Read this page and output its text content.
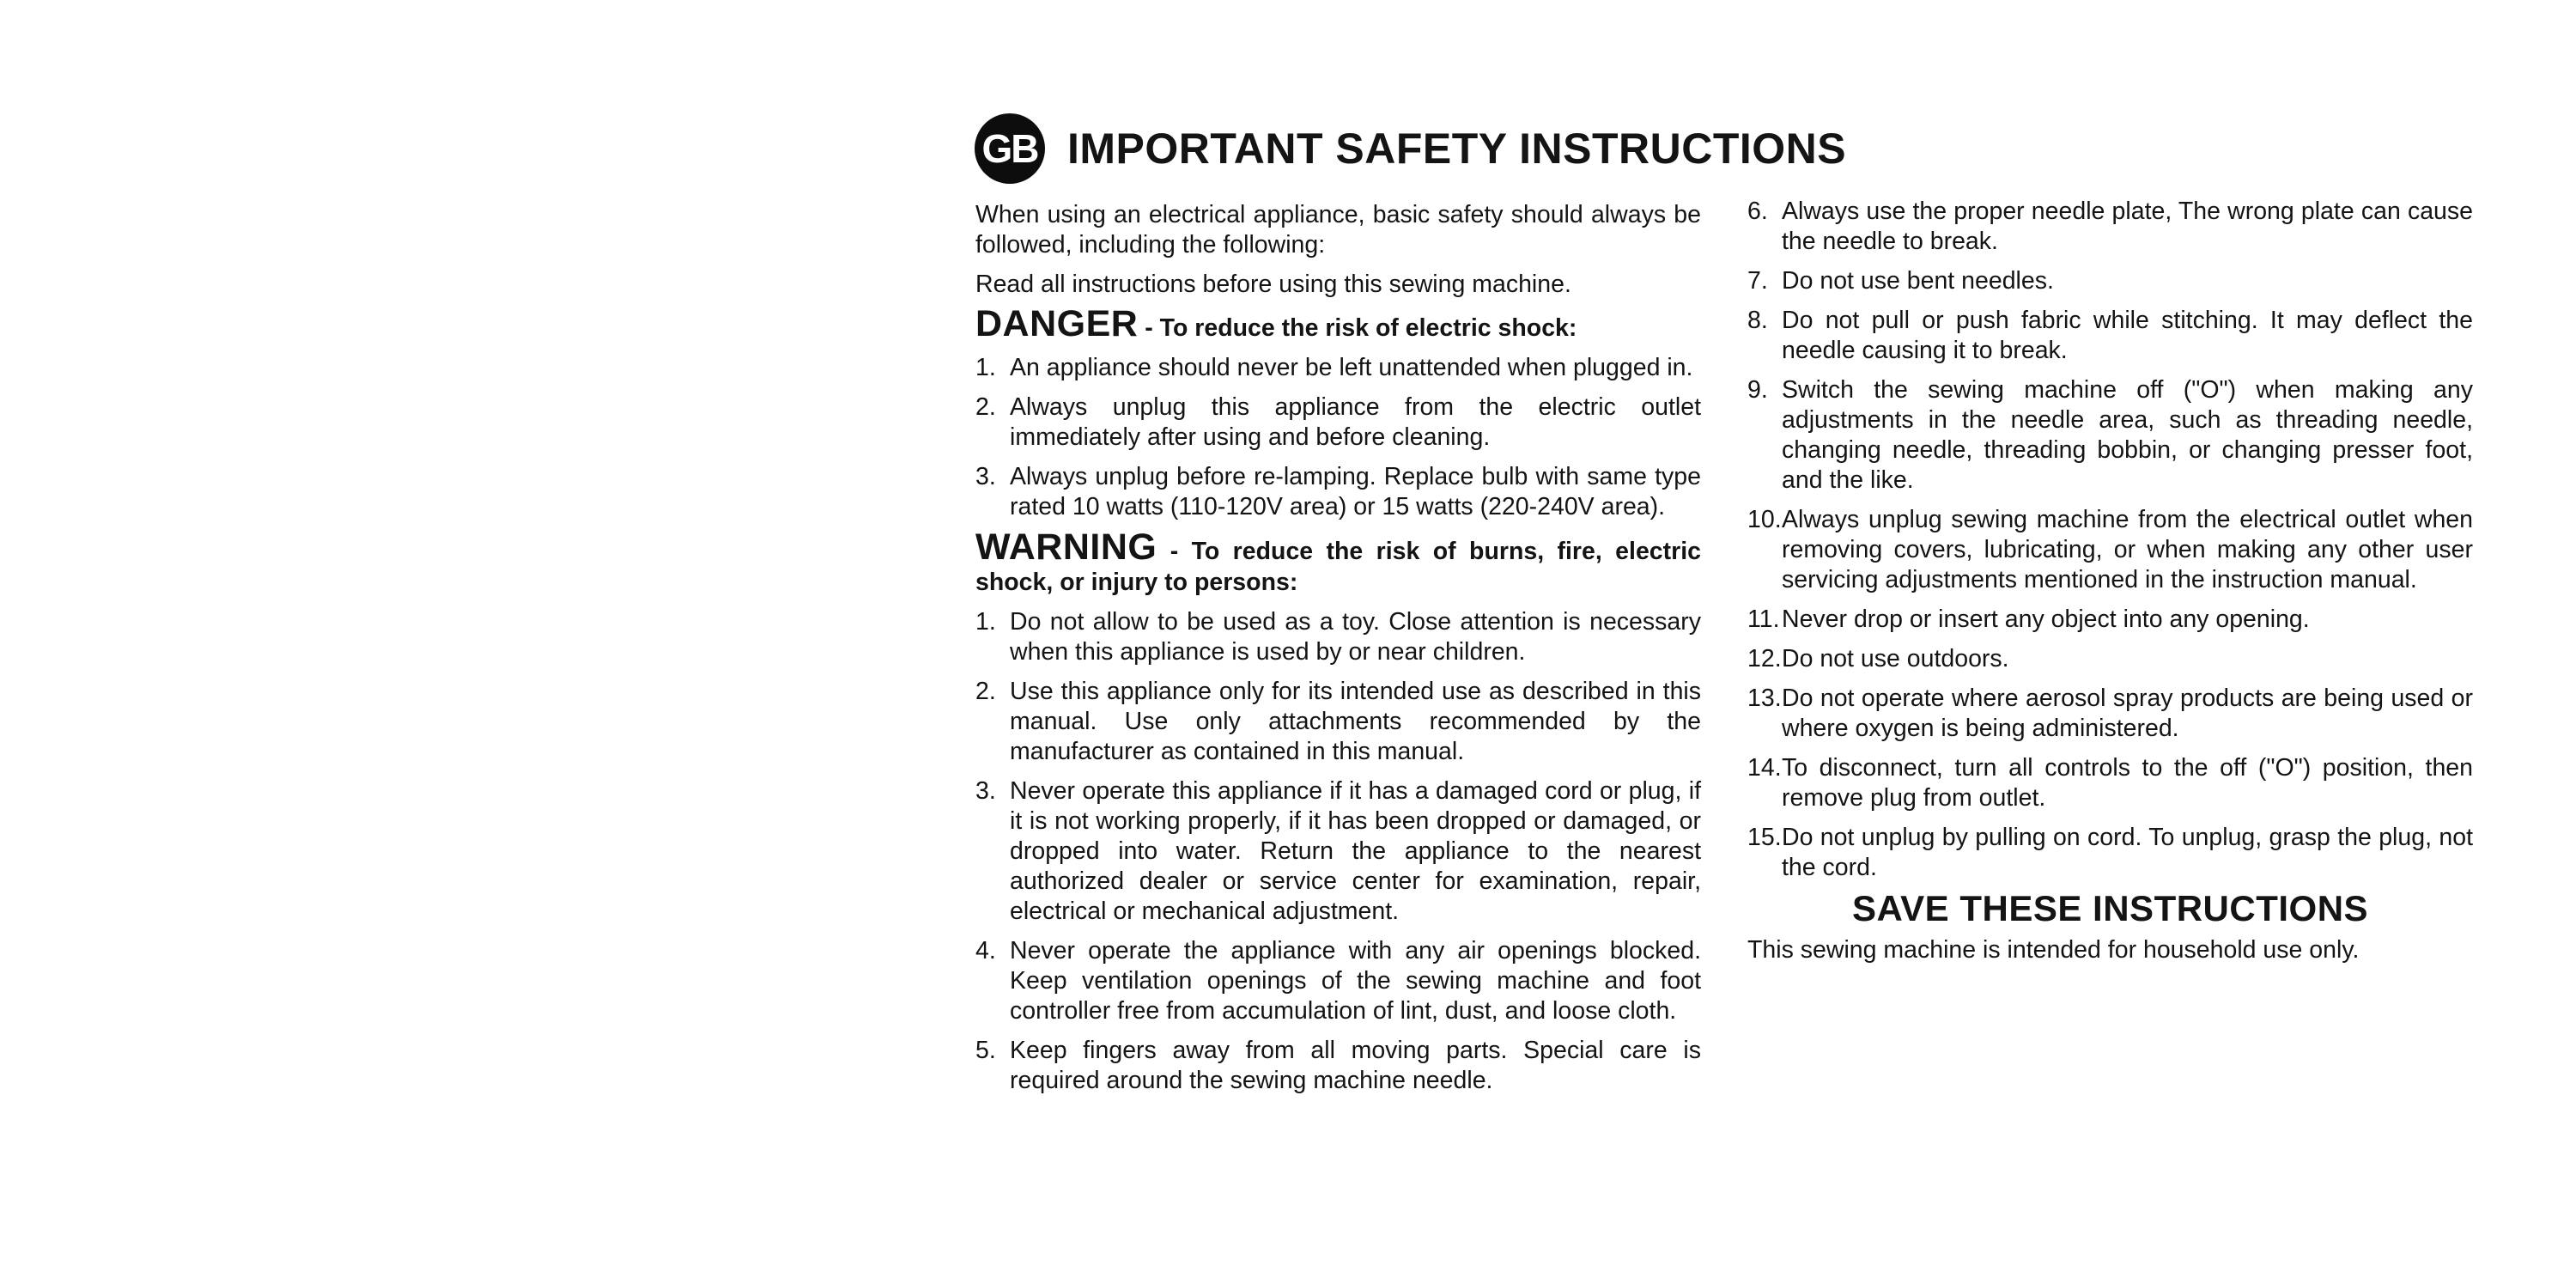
GB IMPORTANT SAFETY INSTRUCTIONS

When using an electrical appliance, basic safety should always be followed, including the following:

Read all instructions before using this sewing machine.

DANGER - To reduce the risk of electric shock:
1. An appliance should never be left unattended when plugged in.
2. Always unplug this appliance from the electric outlet immediately after using and before cleaning.
3. Always unplug before re-lamping. Replace bulb with same type rated 10 watts (110-120V area) or 15 watts (220-240V area).
WARNING - To reduce the risk of burns, fire, electric shock, or injury to persons:
1. Do not allow to be used as a toy. Close attention is necessary when this appliance is used by or near children.
2. Use this appliance only for its intended use as described in this manual. Use only attachments recommended by the manufacturer as contained in this manual.
3. Never operate this appliance if it has a damaged cord or plug, if it is not working properly, if it has been dropped or damaged, or dropped into water. Return the appliance to the nearest authorized dealer or service center for examination, repair, electrical or mechanical adjustment.
4. Never operate the appliance with any air openings blocked. Keep ventilation openings of the sewing machine and foot controller free from accumulation of lint, dust, and loose cloth.
5. Keep fingers away from all moving parts. Special care is required around the sewing machine needle.
6. Always use the proper needle plate, The wrong plate can cause the needle to break.
7. Do not use bent needles.
8. Do not pull or push fabric while stitching. It may deflect the needle causing it to break.
9. Switch the sewing machine off ("O") when making any adjustments in the needle area, such as threading needle, changing needle, threading bobbin, or changing presser foot, and the like.
10. Always unplug sewing machine from the electrical outlet when removing covers, lubricating, or when making any other user servicing adjustments mentioned in the instruction manual.
11. Never drop or insert any object into any opening.
12. Do not use outdoors.
13. Do not operate where aerosol spray products are being used or where oxygen is being administered.
14. To disconnect, turn all controls to the off ("O") position, then remove plug from outlet.
15. Do not unplug by pulling on cord. To unplug, grasp the plug, not the cord.
SAVE THESE INSTRUCTIONS

This sewing machine is intended for household use only.
